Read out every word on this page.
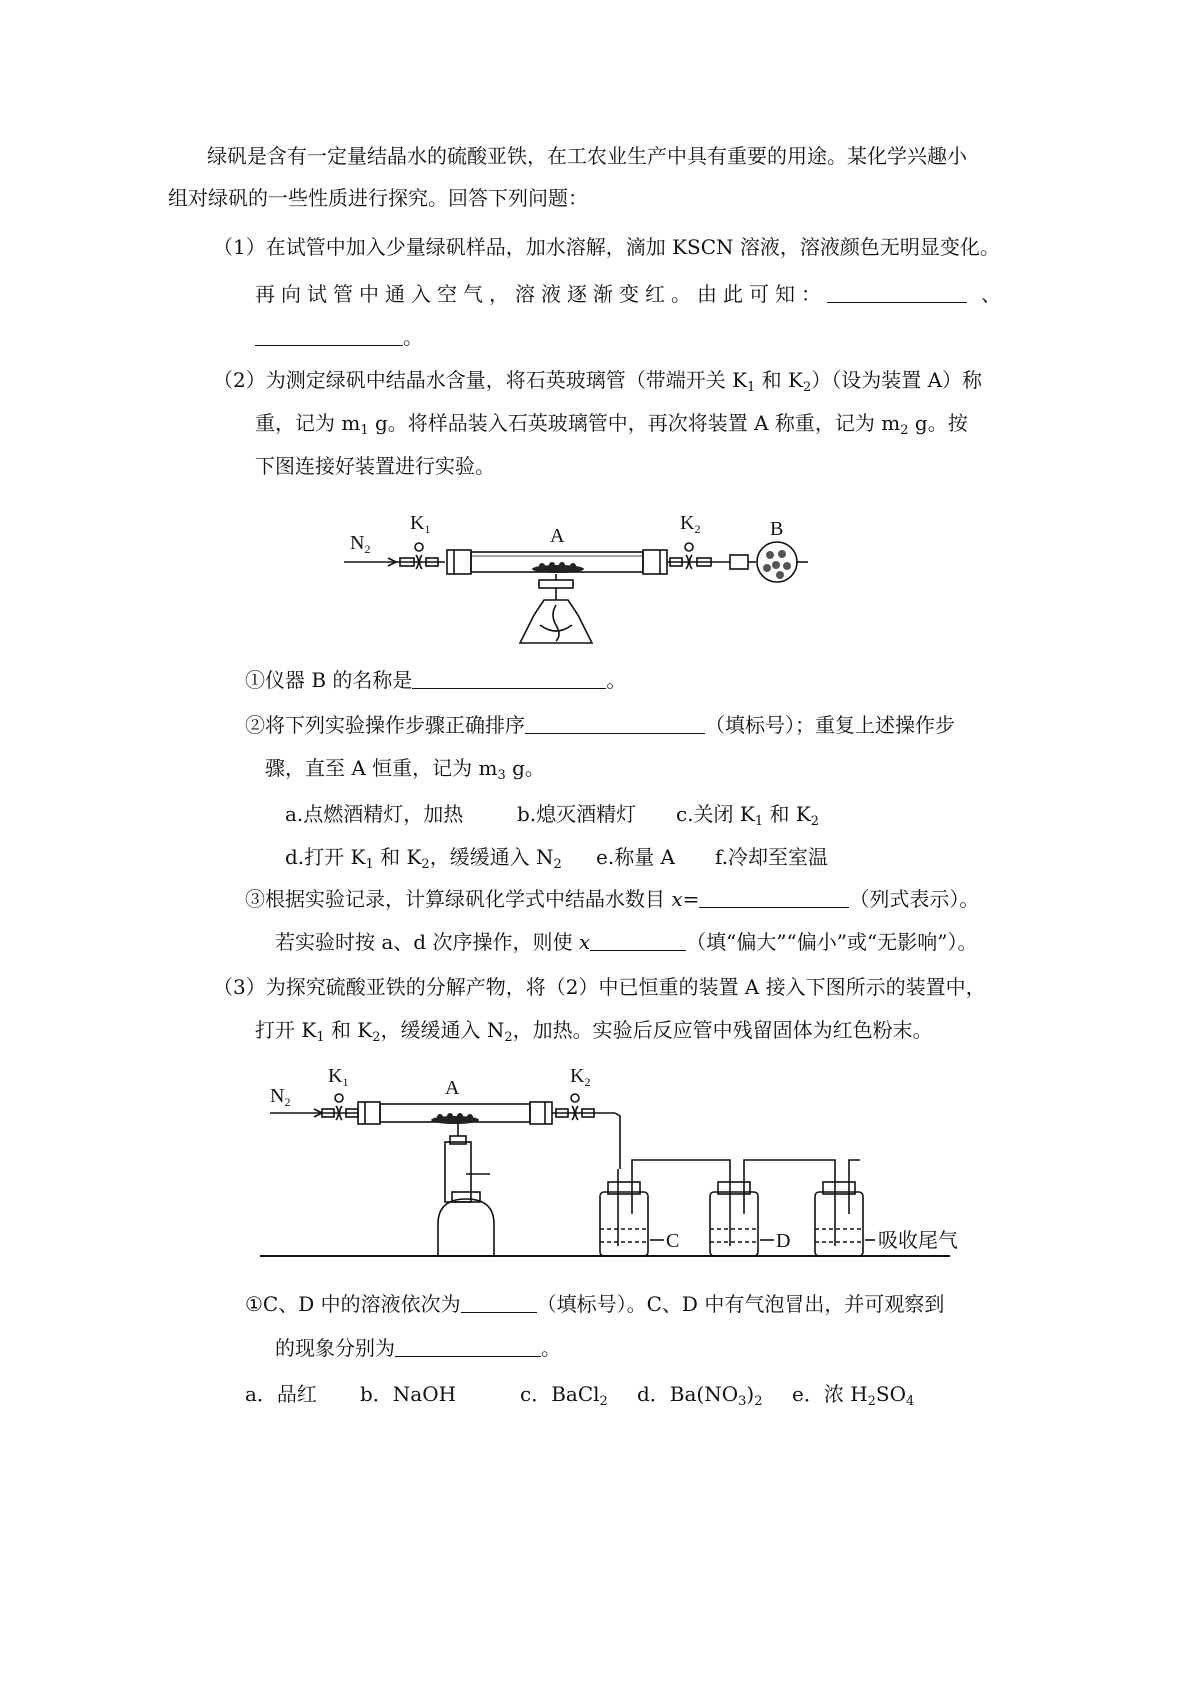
绿矾是含有一定量结晶水的硫酸亚铁，在工农业生产中具有重要的用途。某化学兴趣小
组对绿矾的一些性质进行探究。回答下列问题：
（1）在试管中加入少量绿矾样品，加水溶解，滴加 KSCN 溶液，溶液颜色无明显变化。
再向试管中通入空气，溶液逐渐变红。由此可知：	、
。
（2）为测定绿矾中结晶水含量，将石英玻璃管（带端开关 $K_1$ 和 $K_2$）（设为装置 A）称
重，记为 $m_1$ g。将样品装入石英玻璃管中，再次将装置 A 称重，记为 $m_2$ g。按
下图连接好装置进行实验。
$N_2$
$K_1$	A
$K_2$	B
①仪器 B 的名称是	。
②将下列实验操作步骤正确排序	（填标号）；重复上述操作步
骤，直至 A 恒重，记为 $m_3$ g。
a.点燃酒精灯，加热	b.熄灭酒精灯 c.关闭 $K_1$ 和 $K_2$
d.打开 $K_1$ 和 $K_2$，缓缓通入 $N_2$ e.称量 A f.冷却至室温
③根据实验记录，计算绿矾化学式中结晶水数目 x=	（列式表示）。
若实验时按 a、d 次序操作，则使 x	（填“偏大”“偏小”或“无影响”）。
（3）为探究硫酸亚铁的分解产物，将（2）中已恒重的装置 A 接入下图所示的装置中，
打开 $K_1$ 和 $K_2$，缓缓通入 $N_2$，加热。实验后反应管中残留固体为红色粉末。
$N_2$
$K_1$	A
$K_2$
C	D	吸收尾气
①C、D 中的溶液依次为	（填标号）。C、D 中有气泡冒出，并可观察到
的现象分别为	。
a．品红 b．NaOH	c．BaCl$_2$ d．$Ba(NO_3)_2$ e．浓 $H_2SO_4$
